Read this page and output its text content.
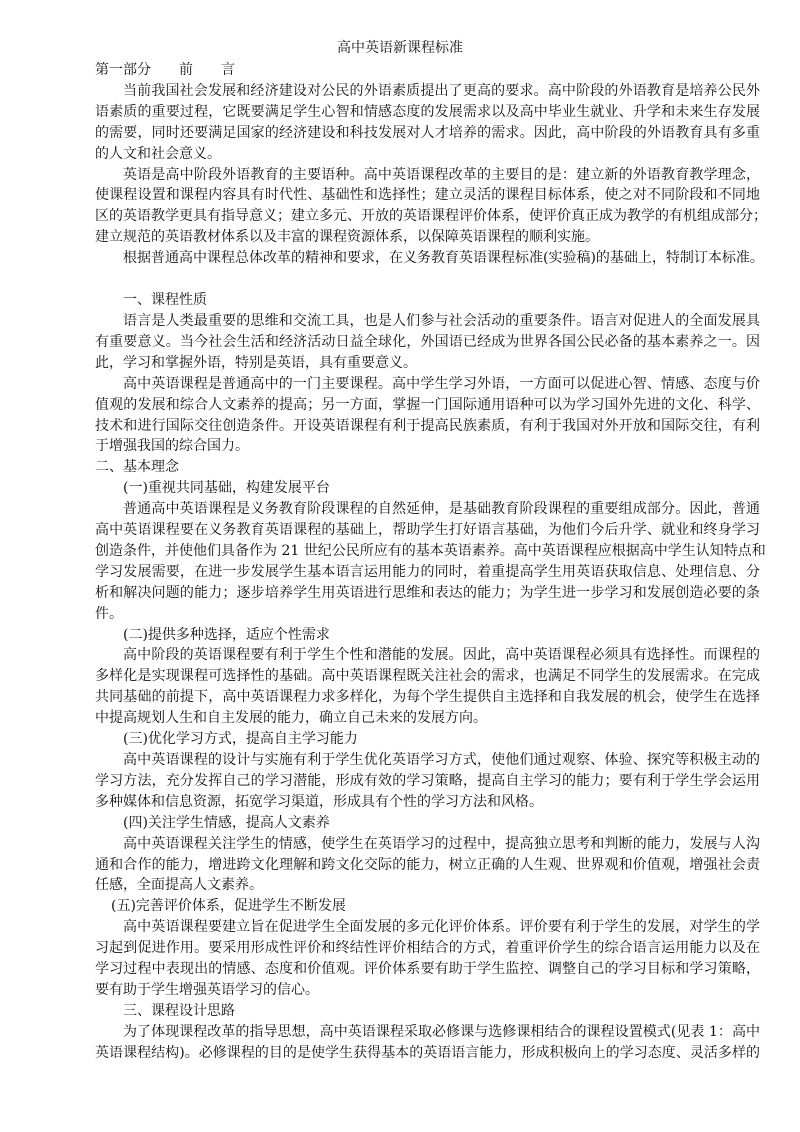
高中英语新课程标准

第一部分　　前　　言

当前我国社会发展和经济建设对公民的外语素质提出了更高的要求。高中阶段的外语教育是培养公民外

语素质的重要过程，它既要满足学生心智和情感态度的发展需求以及高中毕业生就业、升学和未来生存发展

的需要，同时还要满足国家的经济建设和科技发展对人才培养的需求。因此，高中阶段的外语教育具有多重

的人文和社会意义。

英语是高中阶段外语教育的主要语种。高中英语课程改革的主要目的是：建立新的外语教育教学理念，

使课程设置和课程内容具有时代性、基础性和选择性；建立灵活的课程目标体系，使之对不同阶段和不同地

区的英语教学更具有指导意义；建立多元、开放的英语课程评价体系，使评价真正成为教学的有机组成部分；

建立规范的英语教材体系以及丰富的课程资源体系，以保障英语课程的顺利实施。

根据普通高中课程总体改革的精神和要求，在义务教育英语课程标准(实验稿)的基础上，特制订本标准。

一、课程性质

语言是人类最重要的思维和交流工具，也是人们参与社会活动的重要条件。语言对促进人的全面发展具

有重要意义。当今社会生活和经济活动日益全球化，外国语已经成为世界各国公民必备的基本素养之一。因

此，学习和掌握外语，特别是英语，具有重要意义。

高中英语课程是普通高中的一门主要课程。高中学生学习外语，一方面可以促进心智、情感、态度与价

值观的发展和综合人文素养的提高；另一方面，掌握一门国际通用语种可以为学习国外先进的文化、科学、

技术和进行国际交往创造条件。开设英语课程有利于提高民族素质，有利于我国对外开放和国际交往，有利

于增强我国的综合国力。

二、基本理念

(一)重视共同基础，构建发展平台

普通高中英语课程是义务教育阶段课程的自然延伸，是基础教育阶段课程的重要组成部分。因此，普通

高中英语课程要在义务教育英语课程的基础上，帮助学生打好语言基础，为他们今后升学、就业和终身学习

创造条件，并使他们具备作为 21 世纪公民所应有的基本英语素养。高中英语课程应根据高中学生认知特点和

学习发展需要，在进一步发展学生基本语言运用能力的同时，着重提高学生用英语获取信息、处理信息、分

析和解决问题的能力；逐步培养学生用英语进行思维和表达的能力；为学生进一步学习和发展创造必要的条

件。

(二)提供多种选择，适应个性需求

高中阶段的英语课程要有利于学生个性和潜能的发展。因此，高中英语课程必须具有选择性。而课程的

多样化是实现课程可选择性的基础。高中英语课程既关注社会的需求，也满足不同学生的发展需求。在完成

共同基础的前提下，高中英语课程力求多样化，为每个学生提供自主选择和自我发展的机会，使学生在选择

中提高规划人生和自主发展的能力，确立自己未来的发展方向。

(三)优化学习方式，提高自主学习能力

高中英语课程的设计与实施有利于学生优化英语学习方式，使他们通过观察、体验、探究等积极主动的

学习方法，充分发挥自己的学习潜能，形成有效的学习策略，提高自主学习的能力；要有利于学生学会运用

多种媒体和信息资源，拓宽学习渠道，形成具有个性的学习方法和风格。

(四)关注学生情感，提高人文素养

高中英语课程关注学生的情感，使学生在英语学习的过程中，提高独立思考和判断的能力，发展与人沟

通和合作的能力，增进跨文化理解和跨文化交际的能力，树立正确的人生观、世界观和价值观，增强社会责

任感，全面提高人文素养。

(五)完善评价体系，促进学生不断发展

高中英语课程要建立旨在促进学生全面发展的多元化评价体系。评价要有利于学生的发展，对学生的学

习起到促进作用。要采用形成性评价和终结性评价相结合的方式，着重评价学生的综合语言运用能力以及在

学习过程中表现出的情感、态度和价值观。评价体系要有助于学生监控、调整自己的学习目标和学习策略，

要有助于学生增强英语学习的信心。

三、课程设计思路

为了体现课程改革的指导思想，高中英语课程采取必修课与选修课相结合的课程设置模式(见表 1：高中

英语课程结构)。必修课程的目的是使学生获得基本的英语语言能力，形成积极向上的学习态度、灵活多样的
